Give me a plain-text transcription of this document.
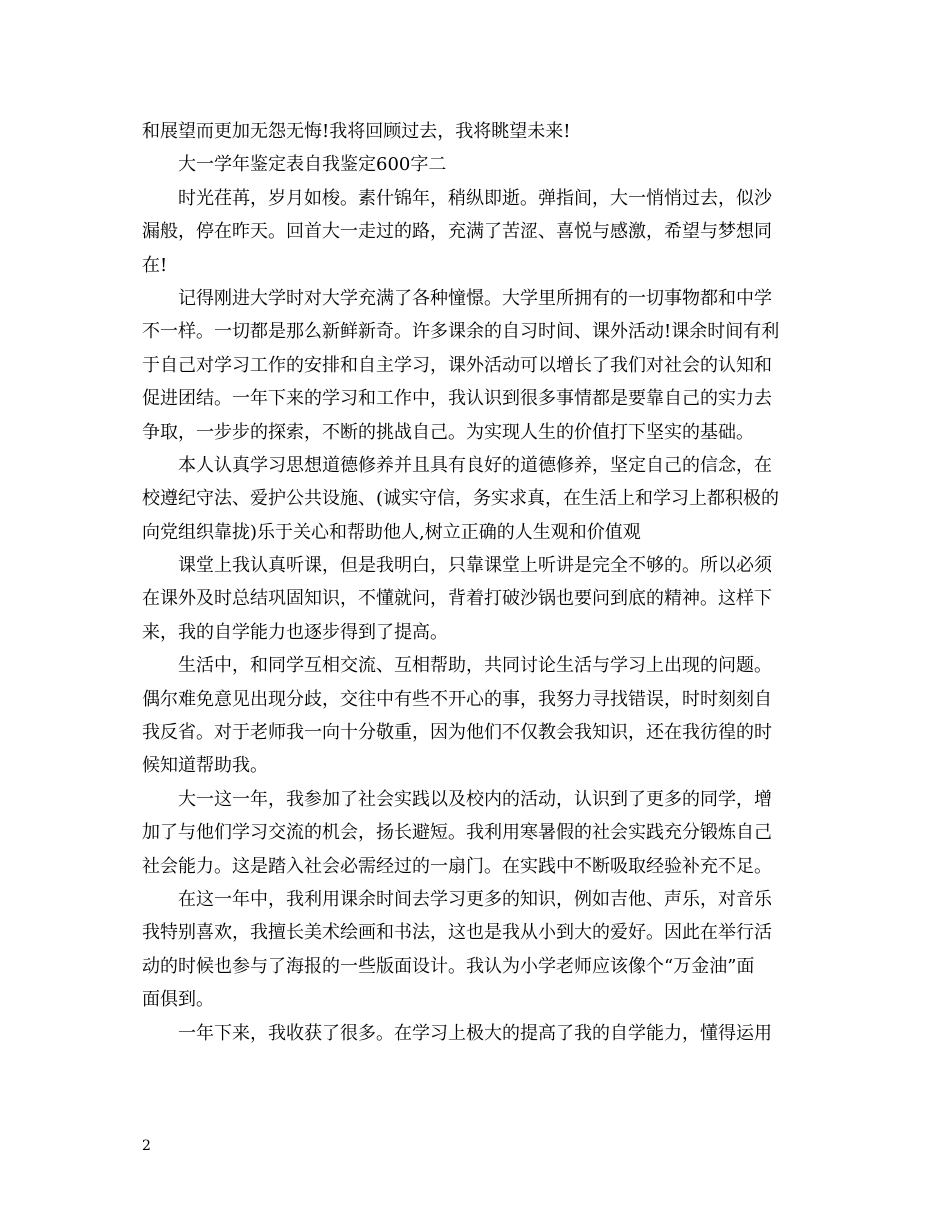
和展望而更加无怨无悔!我将回顾过去，我将眺望未来!
大一学年鉴定表自我鉴定600字二
时光荏苒，岁月如梭。素什锦年，稍纵即逝。弹指间，大一悄悄过去，似沙
漏般，停在昨天。回首大一走过的路，充满了苦涩、喜悦与感激，希望与梦想同
在!
记得刚进大学时对大学充满了各种憧憬。大学里所拥有的一切事物都和中学
不一样。一切都是那么新鲜新奇。许多课余的自习时间、课外活动!课余时间有利
于自己对学习工作的安排和自主学习，课外活动可以增长了我们对社会的认知和
促进团结。一年下来的学习和工作中，我认识到很多事情都是要靠自己的实力去
争取，一步步的探索，不断的挑战自己。为实现人生的价值打下坚实的基础。
本人认真学习思想道德修养并且具有良好的道德修养，坚定自己的信念，在
校遵纪守法、爱护公共设施、(诚实守信，务实求真，在生活上和学习上都积极的
向党组织靠拢)乐于关心和帮助他人,树立正确的人生观和价值观
课堂上我认真听课，但是我明白，只靠课堂上听讲是完全不够的。所以必须
在课外及时总结巩固知识，不懂就问，背着打破沙锅也要问到底的精神。这样下
来，我的自学能力也逐步得到了提高。
生活中，和同学互相交流、互相帮助，共同讨论生活与学习上出现的问题。
偶尔难免意见出现分歧，交往中有些不开心的事，我努力寻找错误，时时刻刻自
我反省。对于老师我一向十分敬重，因为他们不仅教会我知识，还在我彷徨的时
候知道帮助我。
大一这一年，我参加了社会实践以及校内的活动，认识到了更多的同学，增
加了与他们学习交流的机会，扬长避短。我利用寒暑假的社会实践充分锻炼自己
社会能力。这是踏入社会必需经过的一扇门。在实践中不断吸取经验补充不足。
在这一年中，我利用课余时间去学习更多的知识，例如吉他、声乐，对音乐
我特别喜欢，我擅长美术绘画和书法，这也是我从小到大的爱好。因此在举行活
动的时候也参与了海报的一些版面设计。我认为小学老师应该像个“万金油”面
面俱到。
一年下来，我收获了很多。在学习上极大的提高了我的自学能力，懂得运用
2
